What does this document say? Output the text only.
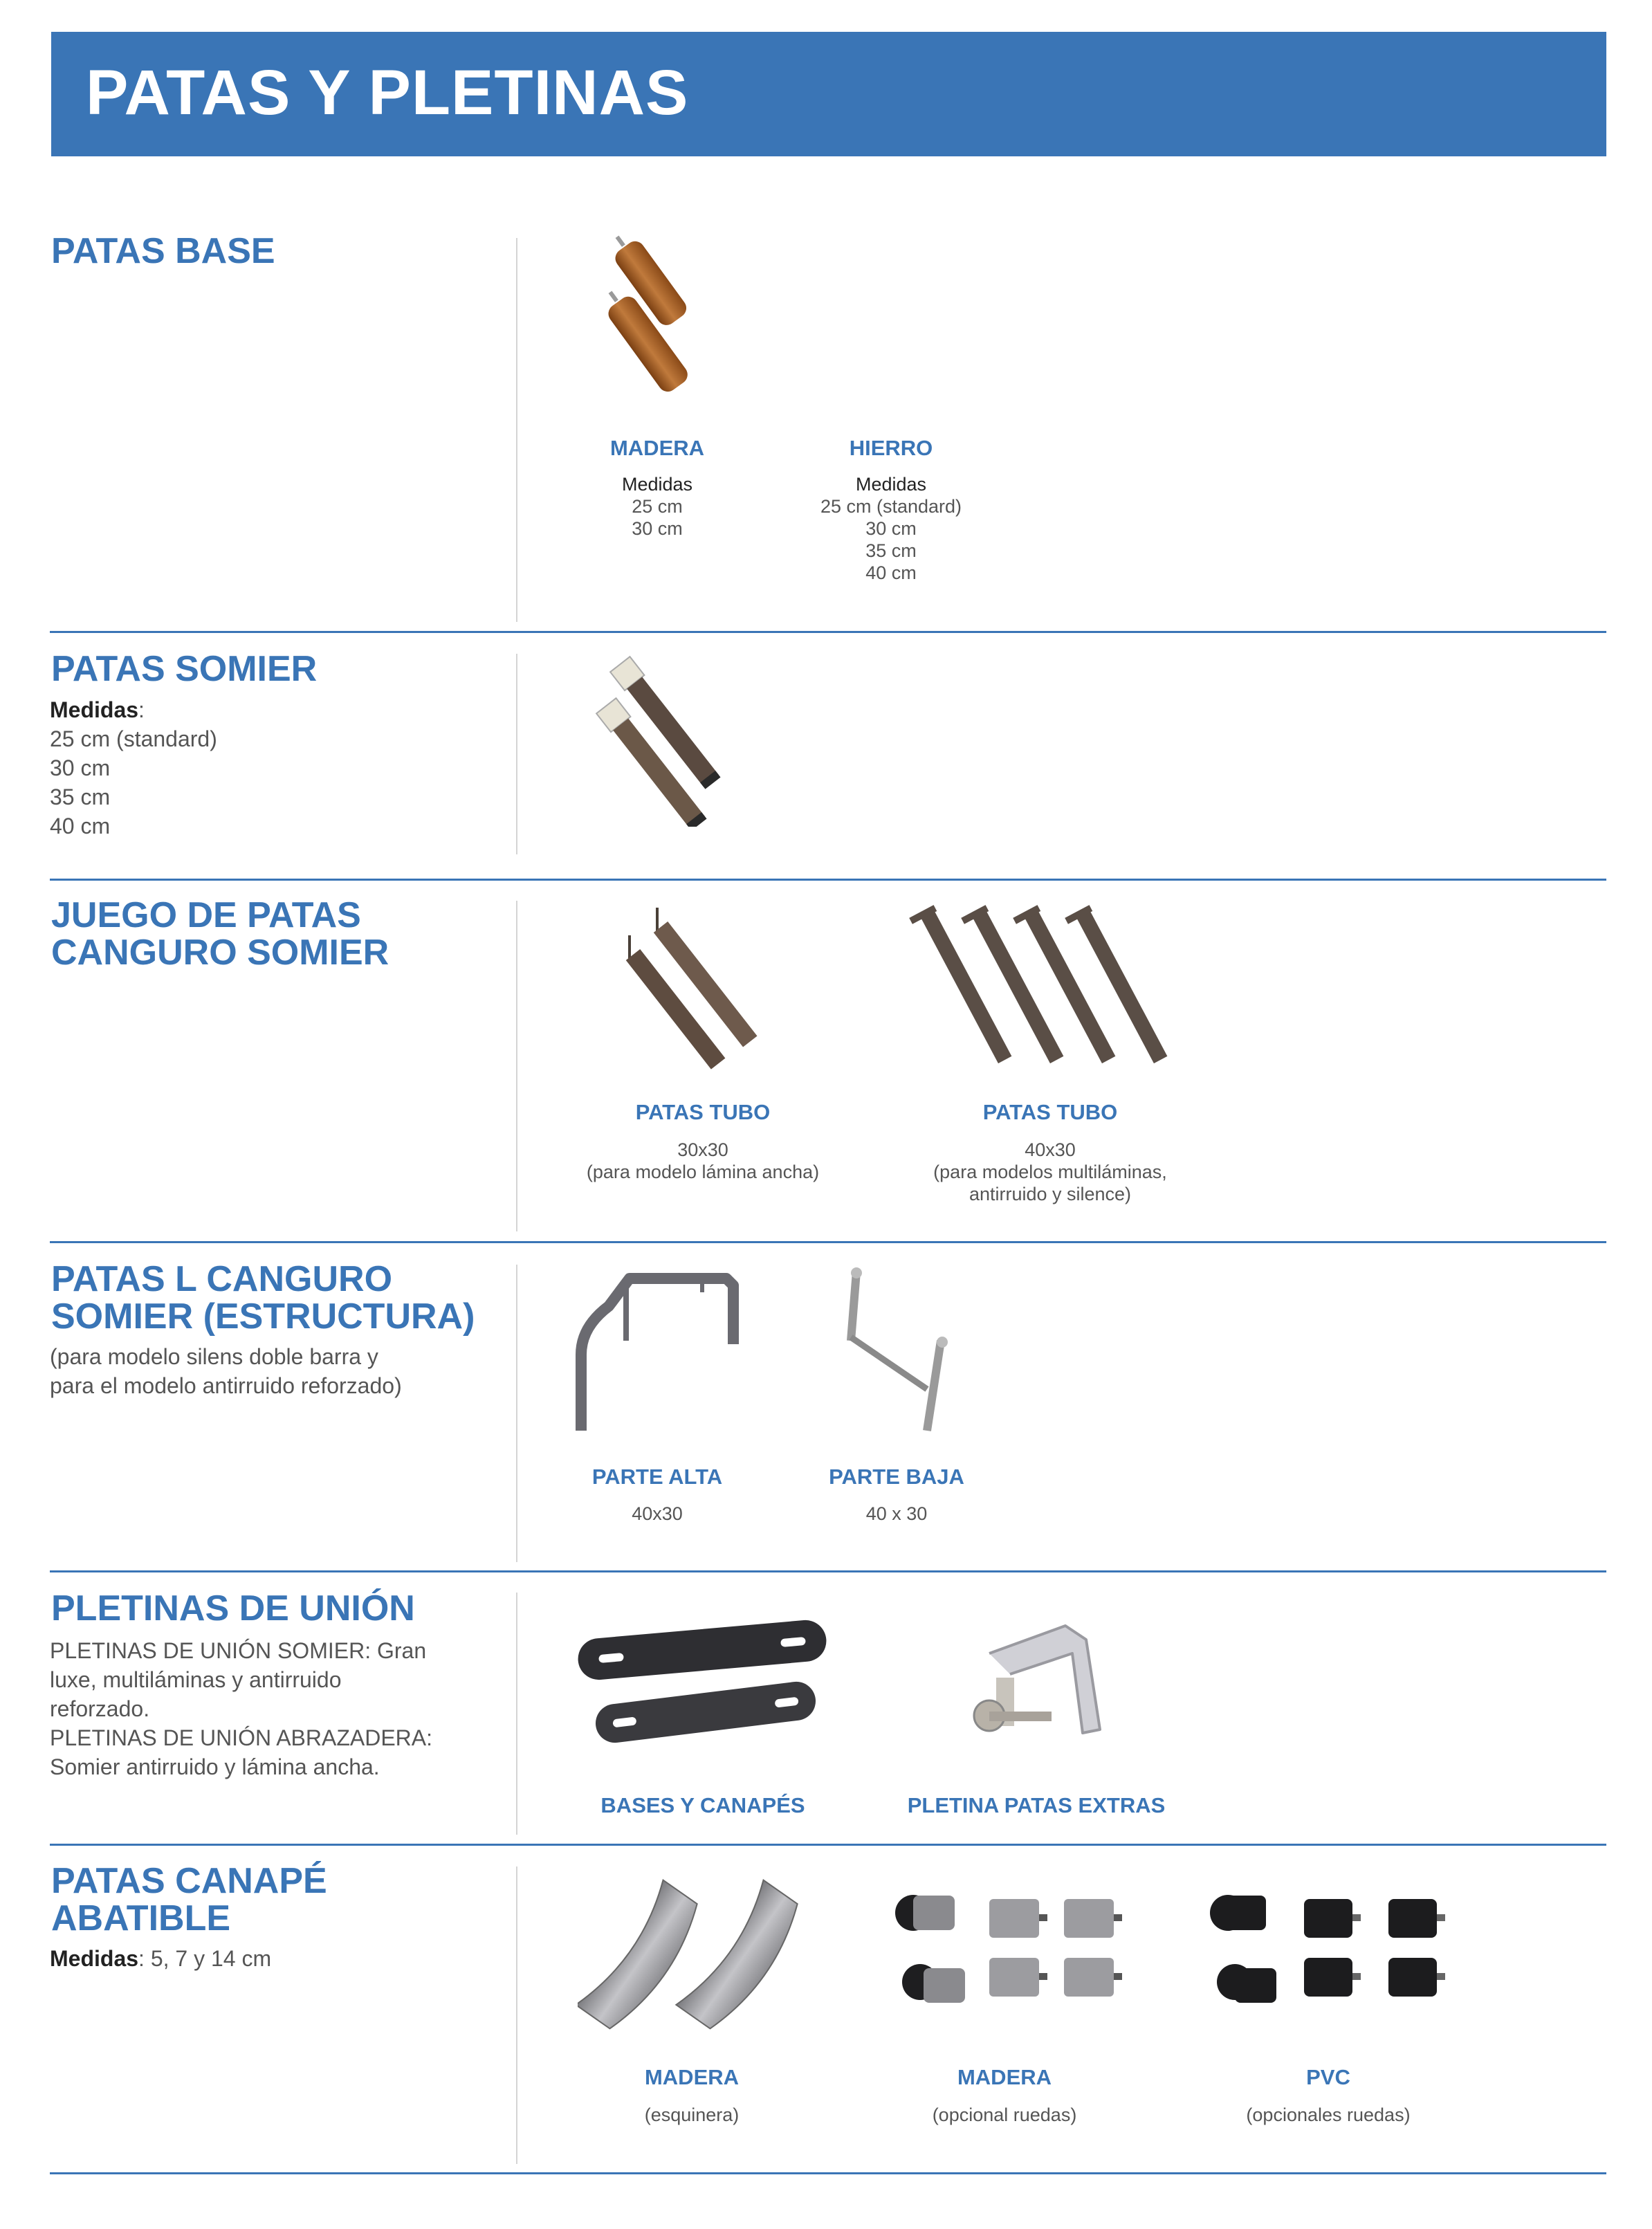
PATAS Y PLETINAS
PATAS BASE
MADERA
Medidas
25 cm
30 cm
HIERRO
Medidas
25 cm (standard)
30 cm
35 cm
40 cm
PATAS SOMIER
Medidas:
25 cm (standard)
30 cm
35 cm
40 cm
JUEGO DE PATAS
CANGURO SOMIER
PATAS TUBO
30x30
(para modelo lámina ancha)
PATAS TUBO
40x30
(para modelos multiláminas,
antirruido y silence)
PATAS L CANGURO
SOMIER (ESTRUCTURA)
(para modelo silens doble barra y
para el modelo antirruido reforzado)
PARTE ALTA
40x30
PARTE BAJA
40 x 30
PLETINAS DE UNIÓN
PLETINAS DE UNIÓN SOMIER: Gran
luxe, multiláminas y antirruido
reforzado.
PLETINAS DE UNIÓN ABRAZADERA:
Somier antirruido y lámina ancha.
BASES Y CANAPÉS	PLETINA PATAS EXTRAS
PATAS CANAPÉ
ABATIBLE
Medidas: 5, 7 y 14 cm
MADERA
(esquinera)
MADERA
(opcional ruedas)
PVC
(opcionales ruedas)
